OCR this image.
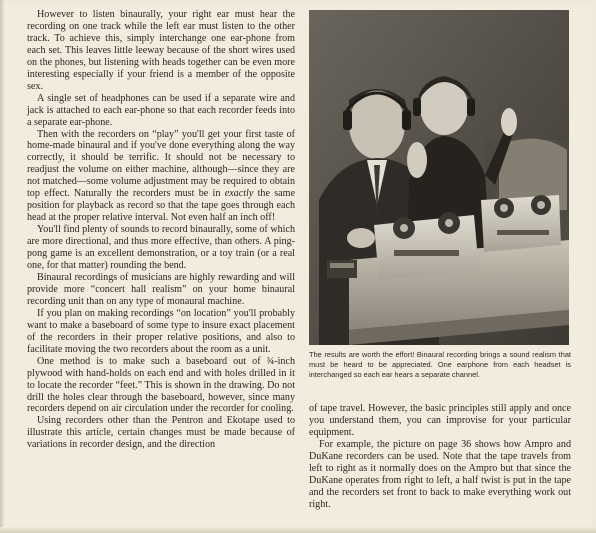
However to listen binaurally, your right ear must hear the recording on one track while the left ear must listen to the other track. To achieve this, simply interchange one ear-phone from each set. This leaves little leeway because of the short wires used on the phones, but listening with heads together can be even more interesting especially if your friend is a member of the opposite sex.

A single set of headphones can be used if a separate wire and jack is attached to each ear-phone so that each recorder feeds into a separate ear-phone.

Then with the recorders on “play” you'll get your first taste of home-made binaural and if you've done everything along the way correctly, it should be terrific. It should not be necessary to readjust the volume on either machine, although—since they are not matched—some volume adjustment may be required to obtain top effect. Naturally the recorders must be in exactly the same position for playback as record so that the tape goes through each head at the proper relative interval. Not even half an inch off!

You'll find plenty of sounds to record binaurally, some of which are more directional, and thus more effective, than others. A ping-pong game is an excellent demonstration, or a toy train (or a real one, for that matter) rounding the bend.

Binaural recordings of musicians are highly rewarding and will provide more “concert hall realism” on your home binaural recording unit than on any type of monaural machine.

If you plan on making recordings “on location” you'll probably want to make a baseboard of some type to insure exact placement of the recorders in their proper relative positions, and also to facilitate moving the two recorders about the room as a unit.

One method is to make such a baseboard out of ¾-inch plywood with hand-holds on each end and with holes drilled in it to locate the recorder “feet.” This is shown in the drawing. Do not drill the holes clear through the baseboard, however, since many recorders depend on air circulation under the recorder for cooling.

Using recorders other than the Pentron and Ekotape used to illustrate this article, certain changes must be made because of variations in recorder design, and the direction

The results are worth the effort! Binaural recording brings a sound realism that must be heard to be appreciated. One earphone from each headset is interchanged so each ear hears a separate channel.

of tape travel. However, the basic principles still apply and once you understand them, you can improvise for your particular equipment.

For example, the picture on page 36 shows how Ampro and DuKane recorders can be used. Note that the tape travels from left to right as it normally does on the Ampro but that since the DuKane operates from right to left, a half twist is put in the tape and the recorders set front to back to make everything work out right.
